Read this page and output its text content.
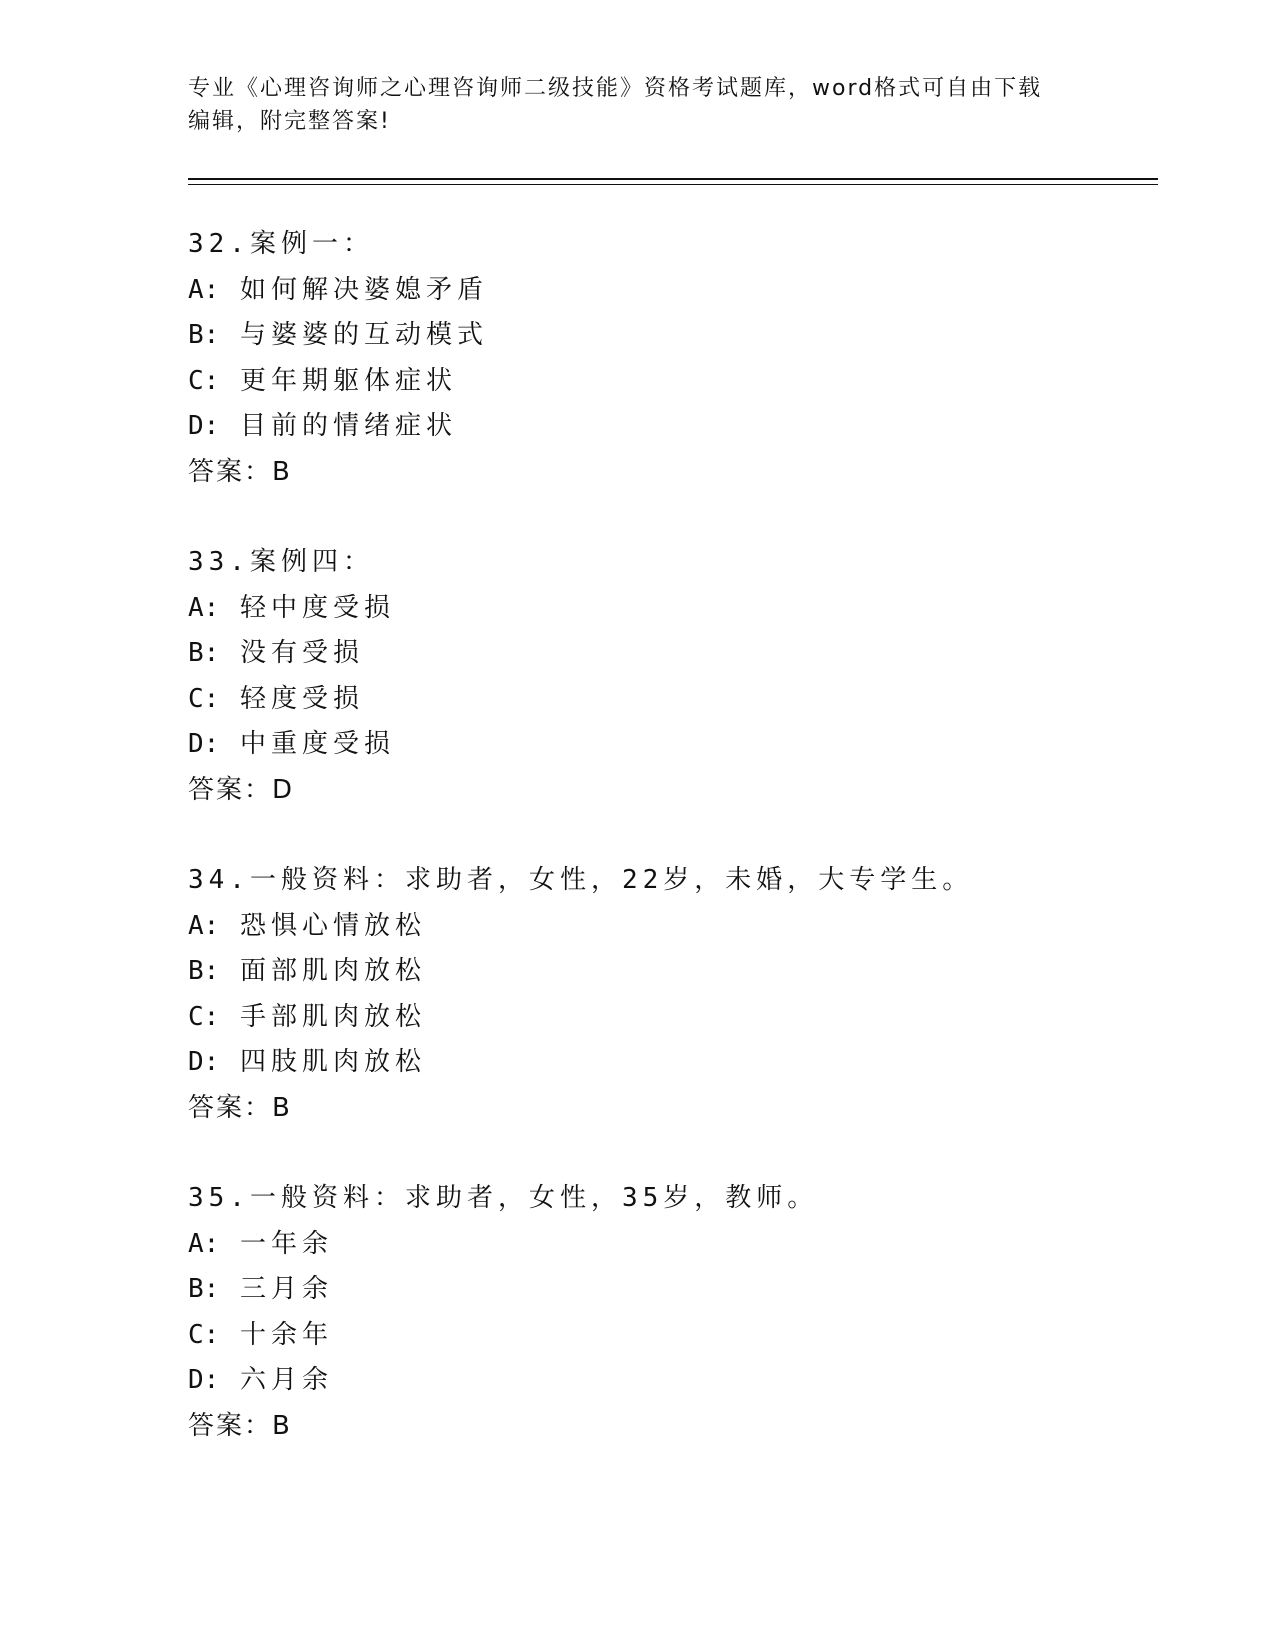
专业《心理咨询师之心理咨询师二级技能》资格考试题库，word格式可自由下载
编辑，附完整答案!
32.案例一：
A: 如何解决婆媳矛盾
B: 与婆婆的互动模式
C: 更年期躯体症状
D: 目前的情绪症状
答案：B
33.案例四：
A: 轻中度受损
B: 没有受损
C: 轻度受损
D: 中重度受损
答案：D
34.一般资料：求助者，女性，22岁，未婚，大专学生。
A: 恐惧心情放松
B: 面部肌肉放松
C: 手部肌肉放松
D: 四肢肌肉放松
答案：B
35.一般资料：求助者，女性，35岁，教师。
A: 一年余
B: 三月余
C: 十余年
D: 六月余
答案：B
